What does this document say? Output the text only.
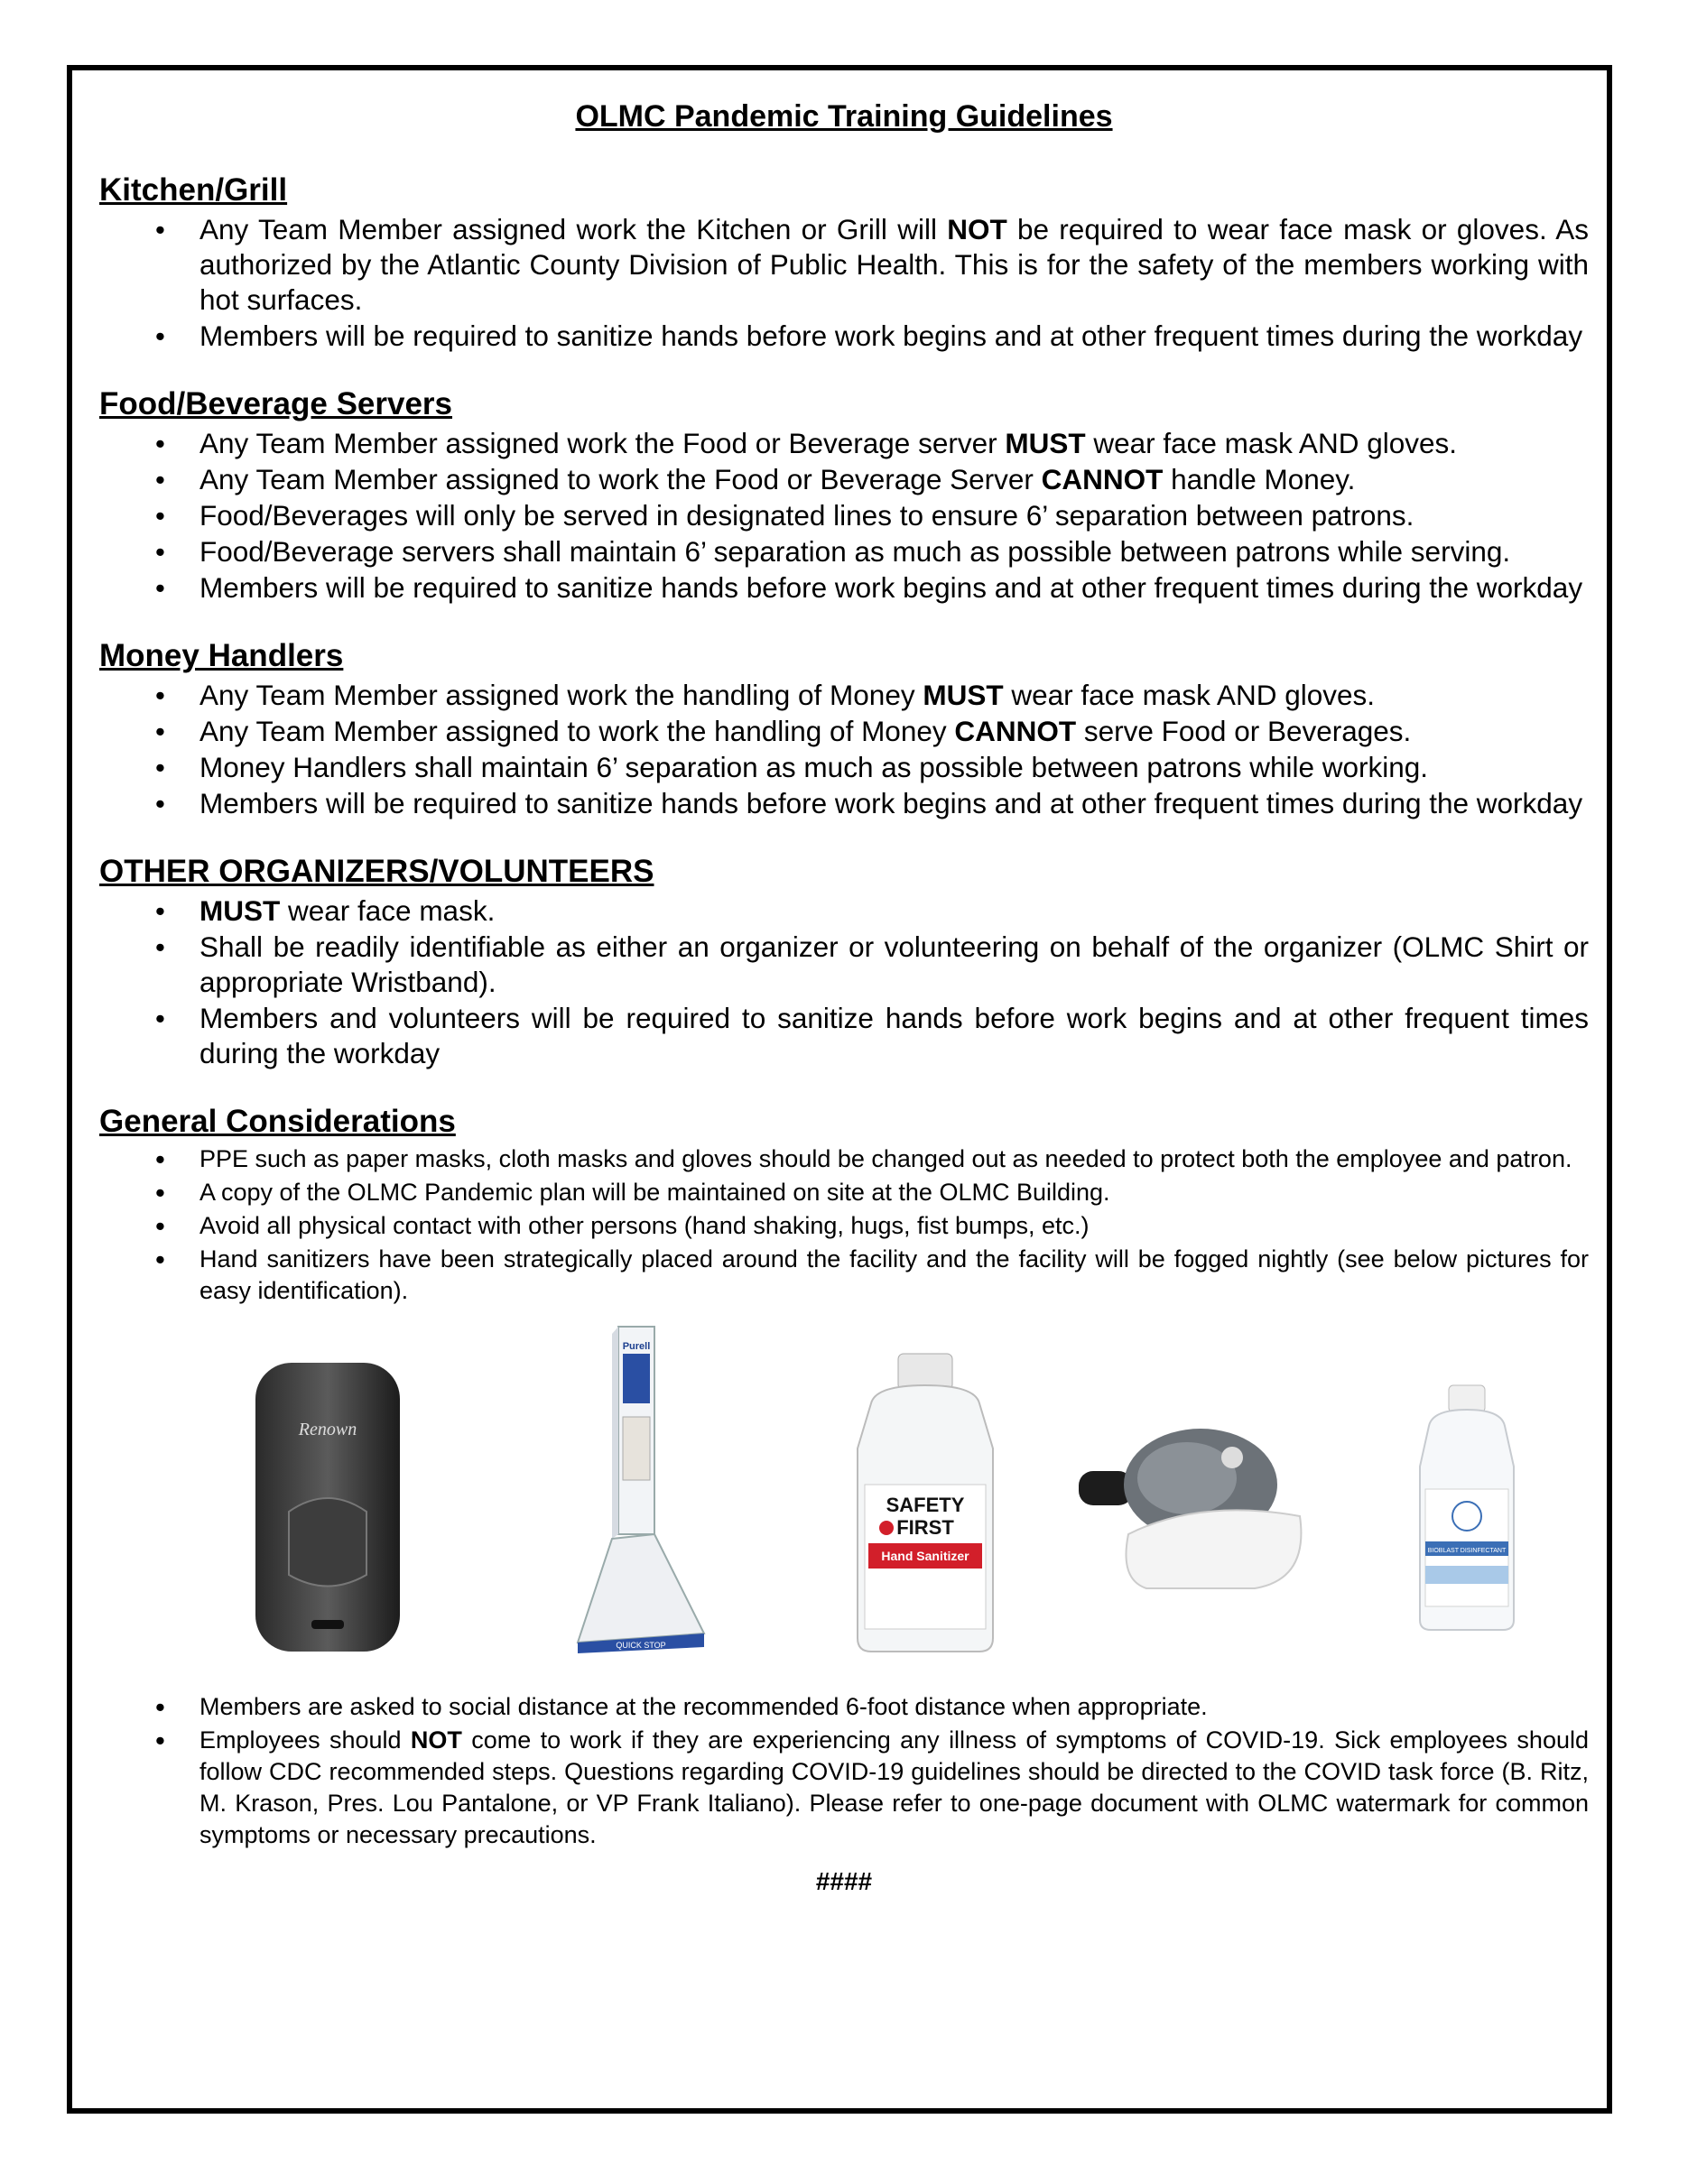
OLMC Pandemic Training Guidelines
Kitchen/Grill
• Any Team Member assigned work the Kitchen or Grill will NOT be required to wear face mask or gloves. As authorized by the Atlantic County Division of Public Health. This is for the safety of the members working with hot surfaces.
• Members will be required to sanitize hands before work begins and at other frequent times during the workday
Food/Beverage Servers
• Any Team Member assigned work the Food or Beverage server MUST wear face mask AND gloves.
• Any Team Member assigned to work the Food or Beverage Server CANNOT handle Money.
• Food/Beverages will only be served in designated lines to ensure 6’ separation between patrons.
• Food/Beverage servers shall maintain 6’ separation as much as possible between patrons while serving.
• Members will be required to sanitize hands before work begins and at other frequent times during the workday
Money Handlers
• Any Team Member assigned work the handling of Money MUST wear face mask AND gloves.
• Any Team Member assigned to work the handling of Money CANNOT serve Food or Beverages.
• Money Handlers shall maintain 6’ separation as much as possible between patrons while working.
• Members will be required to sanitize hands before work begins and at other frequent times during the workday
OTHER ORGANIZERS/VOLUNTEERS
• MUST wear face mask.
• Shall be readily identifiable as either an organizer or volunteering on behalf of the organizer (OLMC Shirt or appropriate Wristband).
• Members and volunteers will be required to sanitize hands before work begins and at other frequent times during the workday
General Considerations
• PPE such as paper masks, cloth masks and gloves should be changed out as needed to protect both the employee and patron.
• A copy of the OLMC Pandemic plan will be maintained on site at the OLMC Building.
• Avoid all physical contact with other persons (hand shaking, hugs, fist bumps, etc.)
• Hand sanitizers have been strategically placed around the facility and the facility will be fogged nightly (see below pictures for easy identification).
Renown
Purell
QUICK STOP
SAFETY
FIRST
Hand Sanitizer	BIOBLAST DISINFECTANT
• Members are asked to social distance at the recommended 6-foot distance when appropriate.
• Employees should NOT come to work if they are experiencing any illness of symptoms of COVID-19. Sick employees should follow CDC recommended steps. Questions regarding COVID-19 guidelines should be directed to the COVID task force (B. Ritz, M. Krason, Pres. Lou Pantalone, or VP Frank Italiano). Please refer to one-page document with OLMC watermark for common symptoms or necessary precautions.
####
